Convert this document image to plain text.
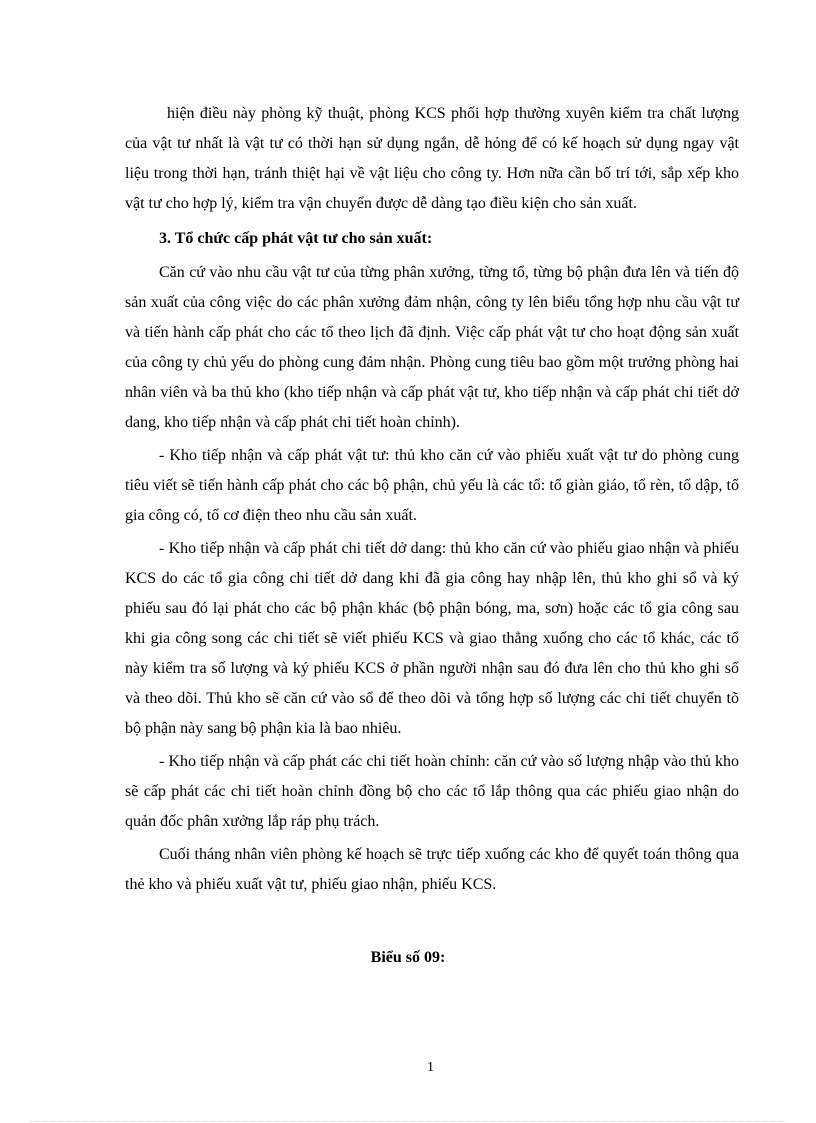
hiện điều này phòng kỹ thuật, phòng KCS phối hợp thường xuyên kiểm tra chất lượng của vật tư nhất là vật tư có thời hạn sử dụng ngắn, dễ hỏng để có kế hoạch sử dụng ngay vật liệu trong thời hạn, tránh thiệt hại về vật liệu cho công ty. Hơn nữa cần bố trí tới, sắp xếp kho vật tư cho hợp lý, kiểm tra vận chuyển được dễ dàng tạo điều kiện cho sản xuất.

3. Tổ chức cấp phát vật tư cho sản xuất:

Căn cứ vào nhu cầu vật tư của từng phân xưởng, từng tổ, từng bộ phận đưa lên và tiến độ sản xuất của công việc do các phân xưởng đảm nhận, công ty lên biểu tổng hợp nhu cầu vật tư và tiến hành cấp phát cho các tổ theo lịch đã định. Việc cấp phát vật tư cho hoạt động sản xuất của công ty chủ yếu do phòng cung đảm nhận. Phòng cung tiêu bao gồm một trưởng phòng hai nhân viên và ba thủ kho (kho tiếp nhận và cấp phát vật tư, kho tiếp nhận và cấp phát chi tiết dở dang, kho tiếp nhận và cấp phát chi tiết hoàn chỉnh).

- Kho tiếp nhận và cấp phát vật tư: thủ kho căn cứ vào phiếu xuất vật tư do phòng cung tiêu viết sẽ tiến hành cấp phát cho các bộ phận, chủ yếu là các tổ: tổ giàn giáo, tổ rèn, tổ dập, tổ gia công có, tổ cơ điện theo nhu cầu sản xuất.

- Kho tiếp nhận và cấp phát chi tiết dở dang: thủ kho căn cứ vào phiếu giao nhận và phiếu KCS do các tổ gia công chi tiết dở dang khi đã gia công hay nhập lên, thủ kho ghi sổ và ký phiếu sau đó lại phát cho các bộ phận khác (bộ phận bóng, ma, sơn) hoặc các tổ gia công sau khi gia công song các chi tiết sẽ viết phiếu KCS và giao thẳng xuống cho các tổ khác, các tổ này kiểm tra số lượng và ký phiếu KCS ở phần người nhận sau đó đưa lên cho thủ kho ghi sổ và theo dõi. Thủ kho sẽ căn cứ vào sổ để theo dõi và tổng hợp số lượng các chi tiết chuyển tõ bộ phận này sang bộ phận kia là bao nhiêu.

- Kho tiếp nhận và cấp phát các chi tiết hoàn chỉnh: căn cứ vào số lượng nhập vào thủ kho sẽ cấp phát các chi tiết hoàn chỉnh đồng bộ cho các tổ lắp thông qua các phiếu giao nhận do quản đốc phân xưởng lắp ráp phụ trách.

Cuối tháng nhân viên phòng kế hoạch sẽ trực tiếp xuống các kho để quyết toán thông qua thẻ kho và phiếu xuất vật tư, phiếu giao nhận, phiếu KCS.

Biểu số 09:
1
